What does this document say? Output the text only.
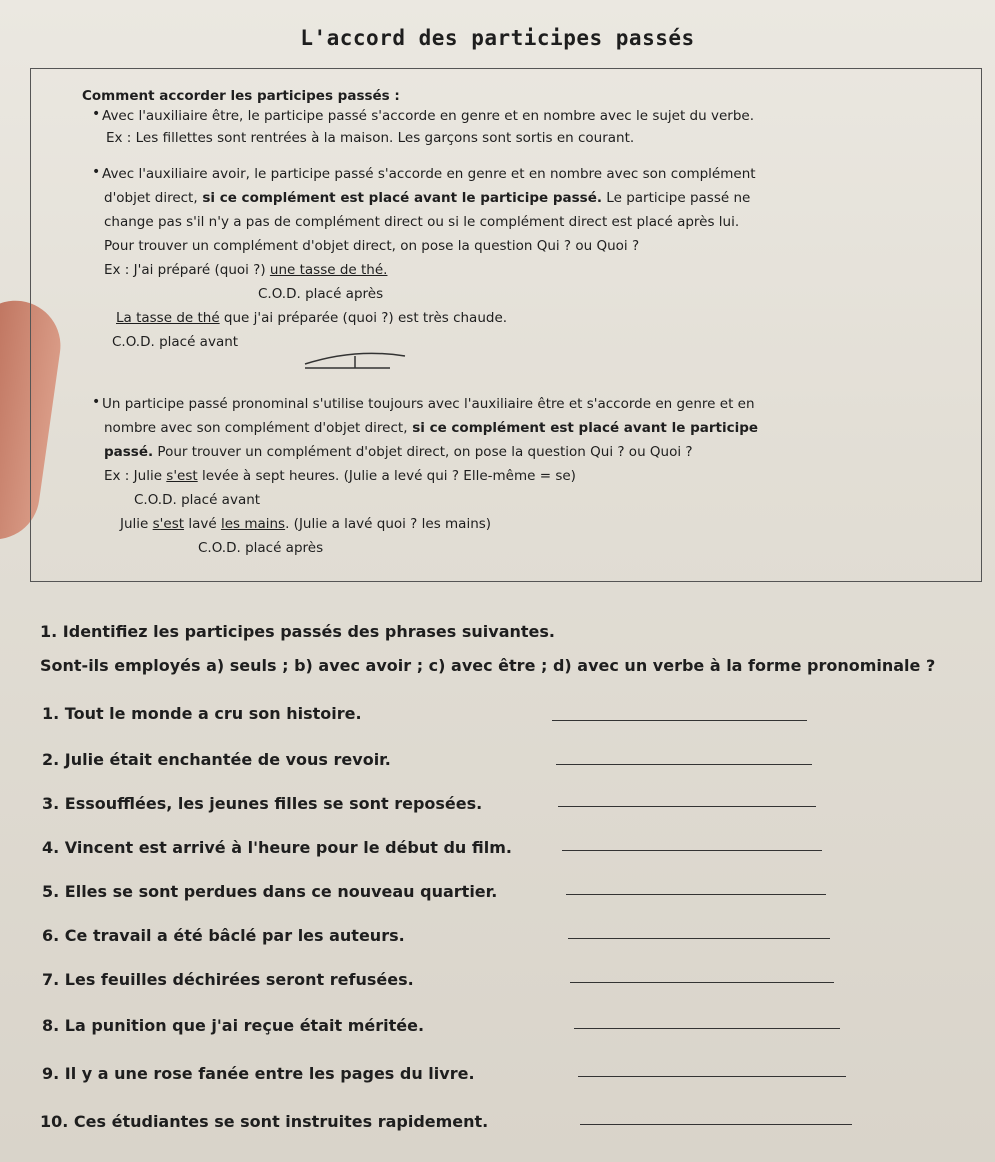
L'accord des participes passés
Comment accorder les participes passés :
• Avec l'auxiliaire être, le participe passé s'accorde en genre et en nombre avec le sujet du verbe.
Ex : Les fillettes sont rentrées à la maison. Les garçons sont sortis en courant.
• Avec l'auxiliaire avoir, le participe passé s'accorde en genre et en nombre avec son complément
d'objet direct, si ce complément est placé avant le participe passé. Le participe passé ne
change pas s'il n'y a pas de complément direct ou si le complément direct est placé après lui.
Pour trouver un complément d'objet direct, on pose la question Qui ? ou Quoi ?
Ex : J'ai préparé (quoi ?) une tasse de thé.
C.O.D. placé après
La tasse de thé que j'ai préparée (quoi ?) est très chaude.
C.O.D. placé avant
• Un participe passé pronominal s'utilise toujours avec l'auxiliaire être et s'accorde en genre et en
nombre avec son complément d'objet direct, si ce complément est placé avant le participe
passé. Pour trouver un complément d'objet direct, on pose la question Qui ? ou Quoi ?
Ex : Julie s'est levée à sept heures. (Julie a levé qui ? Elle-même = se)
C.O.D. placé avant
Julie s'est lavé les mains. (Julie a lavé quoi ? les mains)
C.O.D. placé après
1. Identifiez les participes passés des phrases suivantes.
Sont-ils employés a) seuls ; b) avec avoir ; c) avec être ; d) avec un verbe à la forme pronominale ?
1. Tout le monde a cru son histoire.
2. Julie était enchantée de vous revoir.
3. Essoufflées, les jeunes filles se sont reposées.
4. Vincent est arrivé à l'heure pour le début du film.
5. Elles se sont perdues dans ce nouveau quartier.
6. Ce travail a été bâclé par les auteurs.
7. Les feuilles déchirées seront refusées.
8. La punition que j'ai reçue était méritée.
9. Il y a une rose fanée entre les pages du livre.
10. Ces étudiantes se sont instruites rapidement.
